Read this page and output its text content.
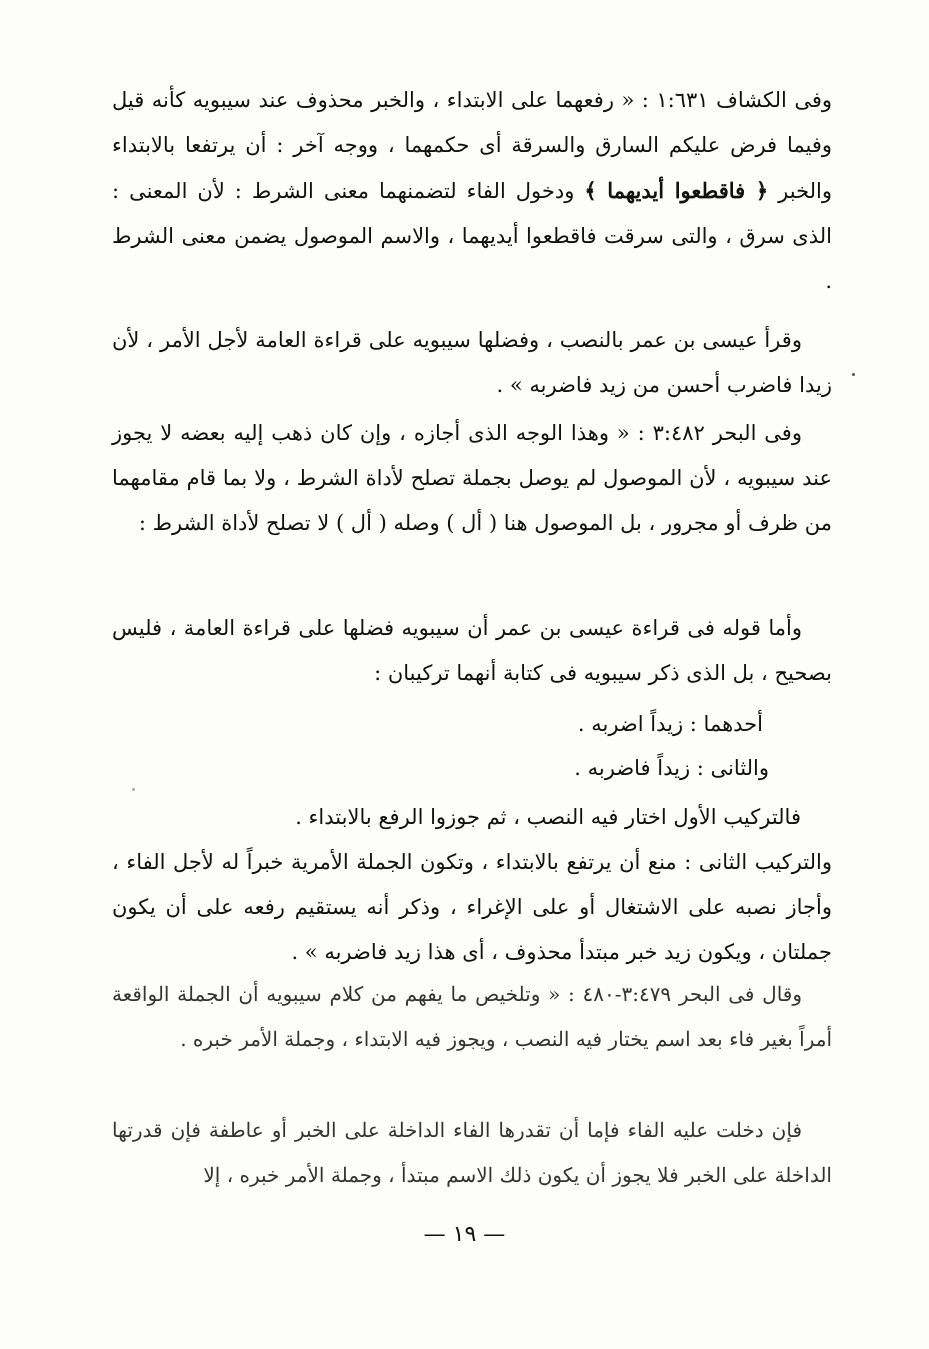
وفى الكشاف ١:٦٣١ : « رفعهما على الابتداء ، والخبر محذوف عند سيبويه كأنه قيل وفيما فرض عليكم السارق والسرقة أى حكمهما ، ووجه آخر : أن يرتفعا بالابتداء والخبر ﴿ فاقطعوا أيديهما ﴾ ودخول الفاء لتضمنهما معنى الشرط : لأن المعنى : الذى سرق ، والتى سرقت فاقطعوا أيديهما ، والاسم الموصول يضمن معنى الشرط .

وقرأ عيسى بن عمر بالنصب ، وفضلها سيبويه على قراءة العامة لأجل الأمر ، لأن زيدا فاضرب أحسن من زيد فاضربه » .

وفى البحر ٣:٤٨٢ : « وهذا الوجه الذى أجازه ، وإن كان ذهب إليه بعضه لا يجوز عند سيبويه ، لأن الموصول لم يوصل بجملة تصلح لأداة الشرط ، ولا بما قام مقامهما من ظرف أو مجرور ، بل الموصول هنا ( أل ) وصله ( أل ) لا تصلح لأداة الشرط :

وأما قوله فى قراءة عيسى بن عمر أن سيبويه فضلها على قراءة العامة ، فليس بصحيح ، بل الذى ذكر سيبويه فى كتابة أنهما تركيبان :

أحدهما : زيداً اضربه .
والثانى : زيداً فاضربه .
فالتركيب الأول اختار فيه النصب ، ثم جوزوا الرفع بالابتداء .

والتركيب الثانى : منع أن يرتفع بالابتداء ، وتكون الجملة الأمرية خبراً له لأجل الفاء ، وأجاز نصبه على الاشتغال أو على الإغراء ، وذكر أنه يستقيم رفعه على أن يكون جملتان ، ويكون زيد خبر مبتدأ محذوف ، أى هذا زيد فاضربه » .

وقال فى البحر ٣:٤٧٩-٤٨٠ : « وتلخيص ما يفهم من كلام سيبويه أن الجملة الواقعة أمراً بغير فاء بعد اسم يختار فيه النصب ، ويجوز فيه الابتداء ، وجملة الأمر خبره .

فإن دخلت عليه الفاء فإما أن تقدرها الفاء الداخلة على الخبر أو عاطفة فإن قدرتها الداخلة على الخبر فلا يجوز أن يكون ذلك الاسم مبتدأ ، وجملة الأمر خبره ، إلا

— ١٩ —
